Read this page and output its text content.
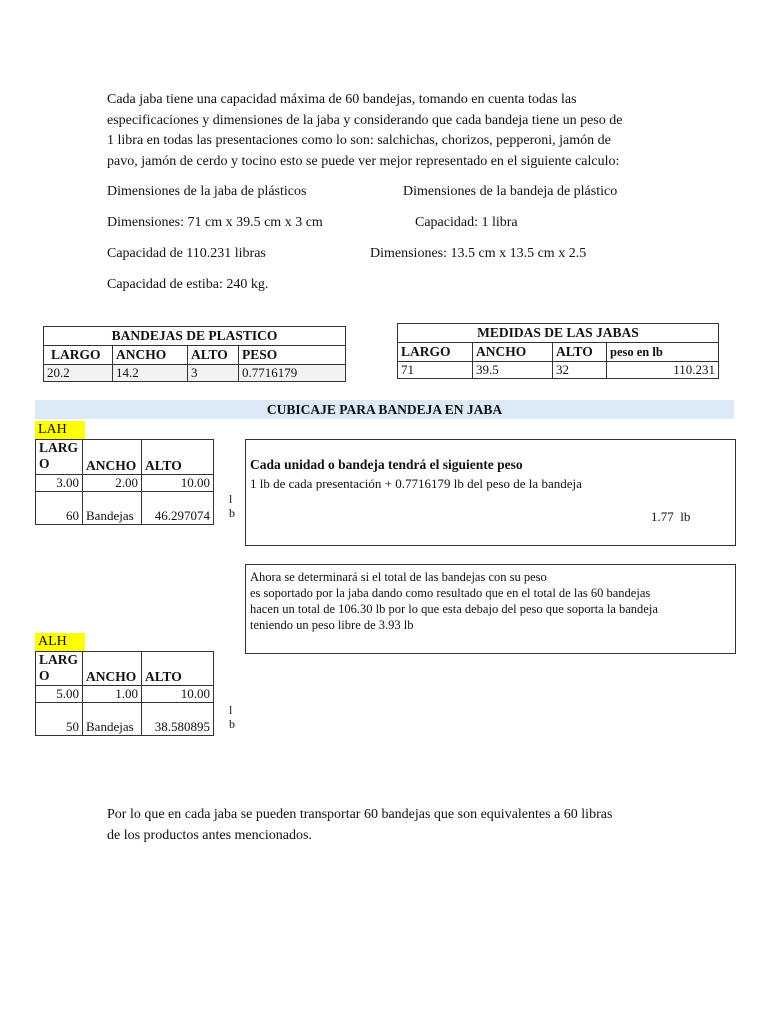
Cada jaba tiene una capacidad máxima de 60 bandejas, tomando en cuenta todas las
especificaciones y dimensiones de la jaba y considerando que cada bandeja tiene un peso de
1 libra en todas las presentaciones como lo son: salchichas, chorizos, pepperoni, jamón de
pavo, jamón de cerdo y tocino esto se puede ver mejor representado en el siguiente calculo:
Dimensiones de la jaba de plásticos	Dimensiones de la bandeja de plástico
Dimensiones: 71 cm x 39.5 cm x 3 cm	Capacidad: 1 libra
Capacidad de 110.231 libras	Dimensiones: 13.5 cm x 13.5 cm x 2.5
Capacidad de estiba: 240 kg.
BANDEJAS DE PLASTICO			
LARGO	ANCHO	ALTO	PESO
20.2	14.2	3	0.7716179
MEDIDAS DE LAS JABAS			
LARGO	ANCHO	ALTO	peso en lb
71	39.5	32	110.231
CUBICAJE PARA BANDEJA EN JABA
LAH
LARG O	ANCHO	ALTO
3.00	2.00	10.00
60	Bandejas	46.297074
lb
Cada unidad o bandeja tendrá el siguiente peso
1 lb de cada presentación + 0.7716179 lb del peso de la bandeja
1.77 lb
Ahora se determinará si el total de las bandejas con su peso
es soportado por la jaba dando como resultado que en el total de las 60 bandejas
hacen un total de 106.30 lb por lo que esta debajo del peso que soporta la bandeja
teniendo un peso libre de 3.93 lb
ALH
LARG O	ANCHO	ALTO
5.00	1.00	10.00
50	Bandejas	38.580895
lb
Por lo que en cada jaba se pueden transportar 60 bandejas que son equivalentes a 60 libras
de los productos antes mencionados.
